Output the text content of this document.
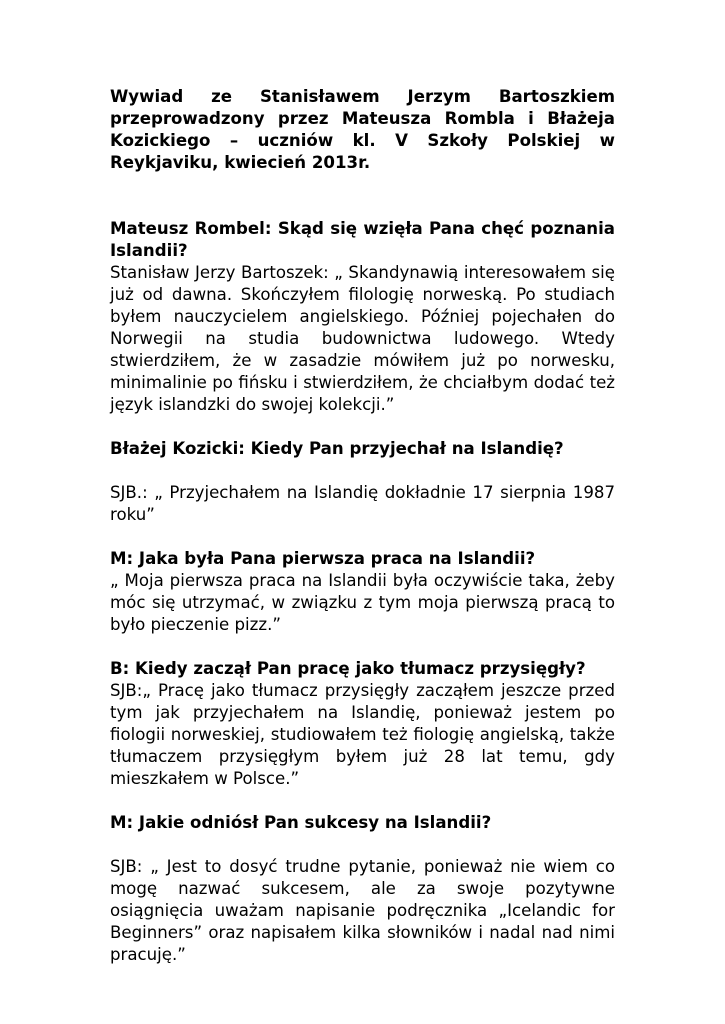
Wywiad ze Stanisławem Jerzym Bartoszkiem przeprowadzony przez Mateusza Rombla i Błażeja Kozickiego – uczniów kl. V Szkoły Polskiej w Reykjaviku, kwiecień 2013r.

Mateusz Rombel: Skąd się wzięła Pana chęć poznania Islandii?

Stanisław Jerzy Bartoszek: „ Skandynawią interesowałem się już od dawna. Skończyłem filologię norweską. Po studiach byłem nauczycielem angielskiego. Później pojechałen do Norwegii na studia budownictwa ludowego. Wtedy stwierdziłem, że w zasadzie mówiłem już po norwesku, minimalinie po fińsku i stwierdziłem, że chciałbym dodać też język islandzki do swojej kolekcji.”

Błażej Kozicki: Kiedy Pan przyjechał na Islandię?

SJB.: „ Przyjechałem na Islandię dokładnie 17 sierpnia 1987 roku”

M: Jaka była Pana pierwsza praca na Islandii?

„ Moja pierwsza praca na Islandii była oczywiście taka, żeby móc się utrzymać, w związku z tym moja pierwszą pracą to było pieczenie pizz.”

B: Kiedy zaczął Pan pracę jako tłumacz przysięgły?

SJB:„ Pracę jako tłumacz przysięgły zacząłem jeszcze przed tym jak przyjechałem na Islandię, ponieważ jestem po fiologii norweskiej, studiowałem też fiologię angielską, także tłumaczem przysięgłym byłem już 28 lat temu, gdy mieszkałem w Polsce.”

M: Jakie odniósł Pan sukcesy na Islandii?

SJB: „ Jest to dosyć trudne pytanie, ponieważ nie wiem co mogę nazwać sukcesem, ale za swoje pozytywne osiągnięcia uważam napisanie podręcznika „Icelandic for Beginners” oraz napisałem kilka słowników i nadal nad nimi pracuję.”
